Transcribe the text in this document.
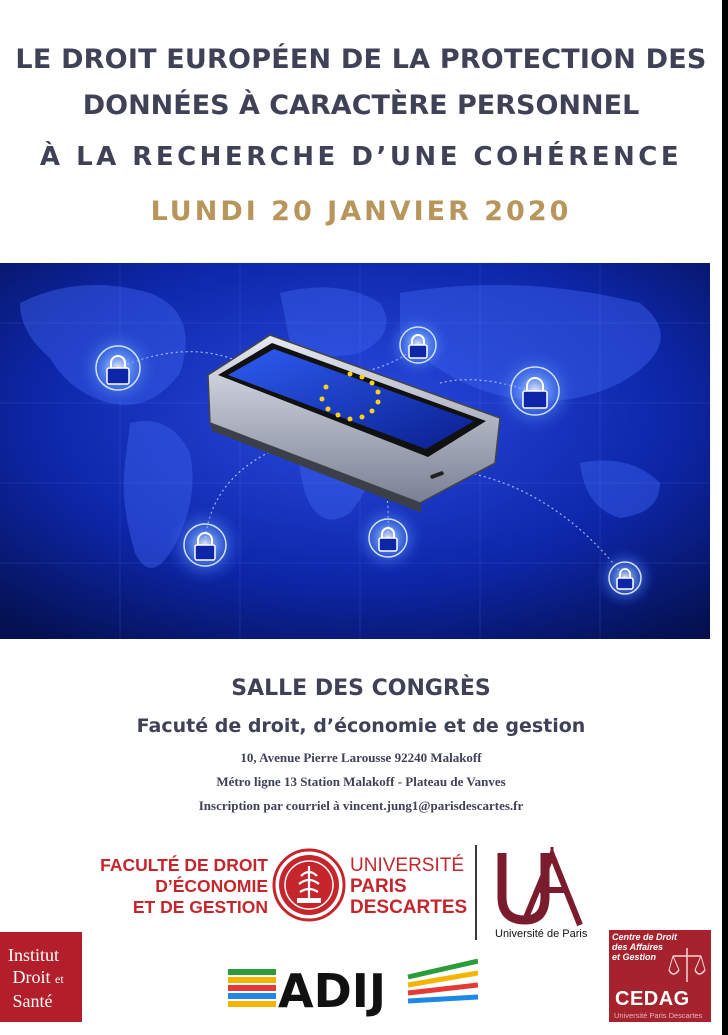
LE DROIT EUROPÉEN DE LA PROTECTION DES
DONNÉES À CARACTÈRE PERSONNEL
À LA RECHERCHE D’UNE COHÉRENCE
LUNDI 20 JANVIER 2020
SALLE DES CONGRÈS
Facuté de droit, d’économie et de gestion
10, Avenue Pierre Larousse 92240 Malakoff
Métro ligne 13 Station Malakoff - Plateau de Vanves
Inscription par courriel à vincent.jung1@parisdescartes.fr
FACULTÉ DE DROIT
D’ÉCONOMIE
ET DE GESTION
UNIVERSITÉ
PARIS
DESCARTES
Université de Paris
Institut
Droit et
Santé	ADIJ
Centre de Droit
des Affaires
et Gestion
CEDAG
Université Paris Descartes
